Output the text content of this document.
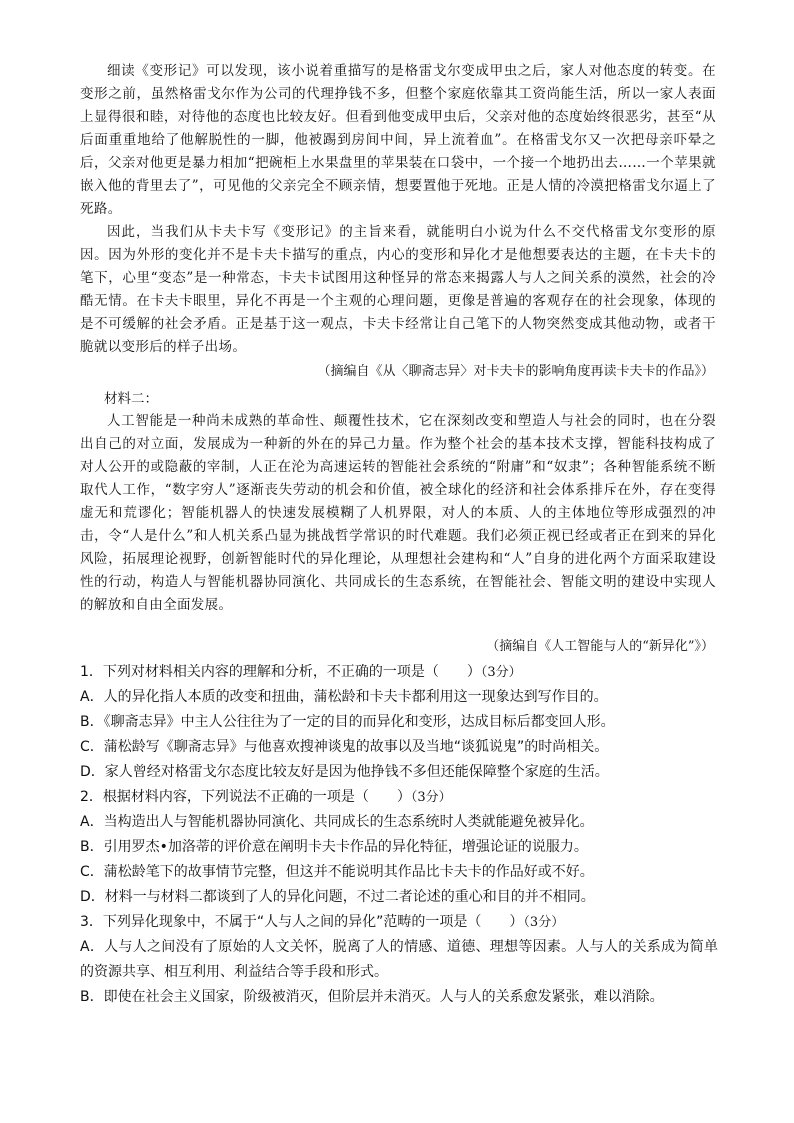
细读《变形记》可以发现，该小说着重描写的是格雷戈尔变成甲虫之后，家人对他态度的转变。在变形之前，虽然格雷戈尔作为公司的代理挣钱不多，但整个家庭依靠其工资尚能生活，所以一家人表面上显得很和睦，对待他的态度也比较友好。但看到他变成甲虫后，父亲对他的态度始终很恶劣，甚至“从后面重重地给了他解脱性的一脚，他被踢到房间中间，异上流着血”。在格雷戈尔又一次把母亲吓晕之后，父亲对他更是暴力相加“把碗柜上水果盘里的苹果装在口袋中，一个接一个地扔出去……一个苹果就嵌入他的背里去了”，可见他的父亲完全不顾亲情，想要置他于死地。正是人情的冷漠把格雷戈尔逼上了死路。

因此，当我们从卡夫卡写《变形记》的主旨来看，就能明白小说为什么不交代格雷戈尔变形的原因。因为外形的变化并不是卡夫卡描写的重点，内心的变形和异化才是他想要表达的主题，在卡夫卡的笔下，心里“变态”是一种常态，卡夫卡试图用这种怪异的常态来揭露人与人之间关系的漠然，社会的冷酷无情。在卡夫卡眼里，异化不再是一个主观的心理问题，更像是普遍的客观存在的社会现象，体现的是不可缓解的社会矛盾。正是基于这一观点，卡夫卡经常让自己笔下的人物突然变成其他动物，或者干脆就以变形后的样子出场。

（摘编自《从〈聊斋志异〉对卡夫卡的影响角度再读卡夫卡的作品》）
材料二：

人工智能是一种尚未成熟的革命性、颠覆性技术，它在深刻改变和塑造人与社会的同时，也在分裂出自己的对立面，发展成为一种新的外在的异己力量。作为整个社会的基本技术支撑，智能科技构成了对人公开的或隐蔽的宰制，人正在沦为高速运转的智能社会系统的“附庸”和“奴隶”；各种智能系统不断取代人工作，“数字穷人”逐渐丧失劳动的机会和价值，被全球化的经济和社会体系排斥在外，存在变得虚无和荒谬化；智能机器人的快速发展模糊了人机界限，对人的本质、人的主体地位等形成强烈的冲击，令“人是什么”和人机关系凸显为挑战哲学常识的时代难题。我们必须正视已经或者正在到来的异化风险，拓展理论视野，创新智能时代的异化理论，从理想社会建构和“人”自身的进化两个方面采取建设性的行动，构造人与智能机器协同演化、共同成长的生态系统，在智能社会、智能文明的建设中实现人的解放和自由全面发展。

（摘编自《人工智能与人的“新异化”》）
1．下列对材料相关内容的理解和分析，不正确的一项是（　　）（3分）
A．人的异化指人本质的改变和扭曲，蒲松龄和卡夫卡都利用这一现象达到写作目的。
B．《聊斋志异》中主人公往往为了一定的目的而异化和变形，达成目标后都变回人形。
C．蒲松龄写《聊斋志异》与他喜欢搜神谈鬼的故事以及当地“谈狐说鬼”的时尚相关。
D．家人曾经对格雷戈尔态度比较友好是因为他挣钱不多但还能保障整个家庭的生活。
2．根据材料内容，下列说法不正确的一项是（　　）（3分）
A．当构造出人与智能机器协同演化、共同成长的生态系统时人类就能避免被异化。
B．引用罗杰•加洛蒂的评价意在阐明卡夫卡作品的异化特征，增强论证的说服力。
C．蒲松龄笔下的故事情节完整，但这并不能说明其作品比卡夫卡的作品好或不好。
D．材料一与材料二都谈到了人的异化问题，不过二者论述的重心和目的并不相同。
3．下列异化现象中，不属于“人与人之间的异化”范畴的一项是（　　）（3分）
A．人与人之间没有了原始的人文关怀，脱离了人的情感、道德、理想等因素。人与人的关系成为简单的资源共享、相互利用、利益结合等手段和形式。
B．即使在社会主义国家，阶级被消灭，但阶层并未消灭。人与人的关系愈发紧张，难以消除。
